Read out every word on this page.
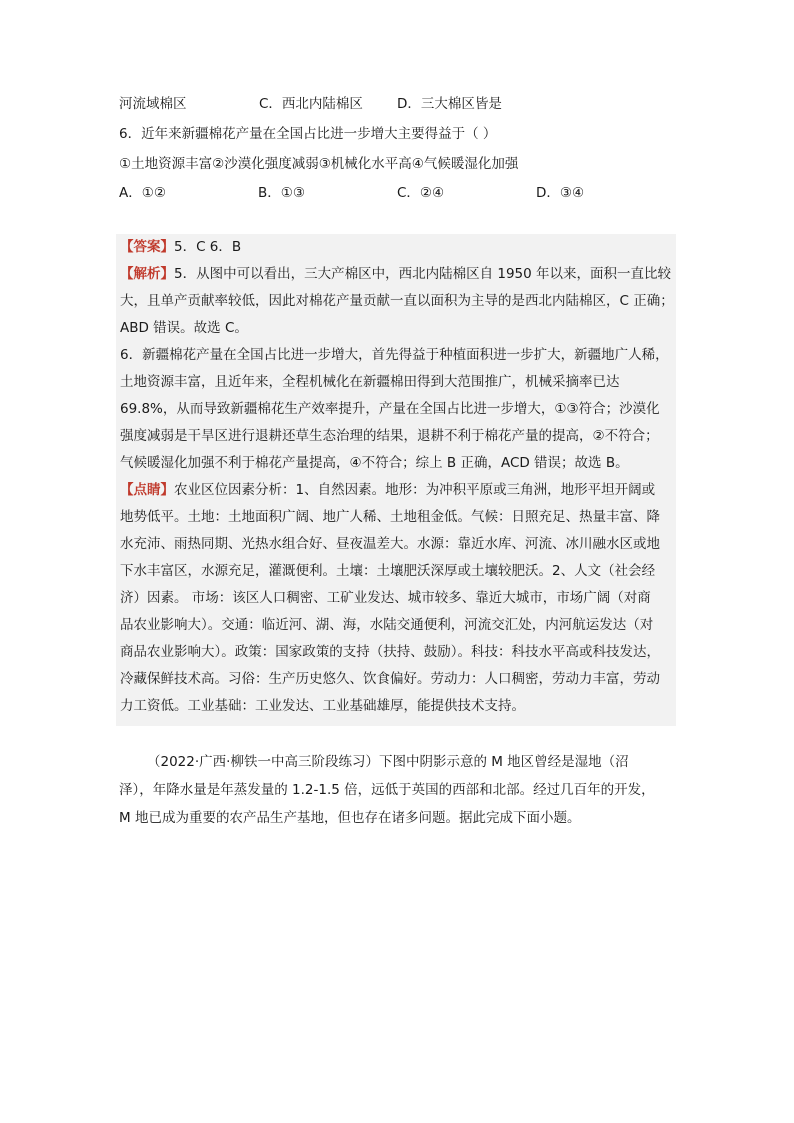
河流域棉区	C．西北内陆棉区	D．三大棉区皆是
6．近年来新疆棉花产量在全国占比进一步增大主要得益于（ ）
①土地资源丰富②沙漠化强度减弱③机械化水平高④气候暖湿化加强
A．①②	B．①③	C．②④	D．③④
【答案】5．C 6．B
【解析】5．从图中可以看出，三大产棉区中，西北内陆棉区自 1950 年以来，面积一直比较
大，且单产贡献率较低，因此对棉花产量贡献一直以面积为主导的是西北内陆棉区，C 正确；
ABD 错误。故选 C。
6．新疆棉花产量在全国占比进一步增大，首先得益于种植面积进一步扩大，新疆地广人稀，
土地资源丰富，且近年来，全程机械化在新疆棉田得到大范围推广，机械采摘率已达
69.8%，从而导致新疆棉花生产效率提升，产量在全国占比进一步增大，①③符合；沙漠化
强度减弱是干旱区进行退耕还草生态治理的结果，退耕不利于棉花产量的提高，②不符合；
气候暖湿化加强不利于棉花产量提高，④不符合；综上 B 正确，ACD 错误；故选 B。
【点睛】农业区位因素分析：1、自然因素。地形：为冲积平原或三角洲，地形平坦开阔或
地势低平。土地：土地面积广阔、地广人稀、土地租金低。气候：日照充足、热量丰富、降
水充沛、雨热同期、光热水组合好、昼夜温差大。水源：靠近水库、河流、冰川融水区或地
下水丰富区，水源充足，灌溉便利。土壤：土壤肥沃深厚或土壤较肥沃。2、人文（社会经
济）因素。 市场：该区人口稠密、工矿业发达、城市较多、靠近大城市，市场广阔（对商
品农业影响大）。交通：临近河、湖、海，水陆交通便利，河流交汇处，内河航运发达（对
商品农业影响大）。政策：国家政策的支持（扶持、鼓励）。科技：科技水平高或科技发达，
冷藏保鲜技术高。习俗：生产历史悠久、饮食偏好。劳动力：人口稠密，劳动力丰富，劳动
力工资低。工业基础：工业发达、工业基础雄厚，能提供技术支持。
（2022·广西·柳铁一中高三阶段练习）下图中阴影示意的 M 地区曾经是湿地（沼
泽），年降水量是年蒸发量的 1.2-1.5 倍，远低于英国的西部和北部。经过几百年的开发，
M 地已成为重要的农产品生产基地，但也存在诸多问题。据此完成下面小题。
